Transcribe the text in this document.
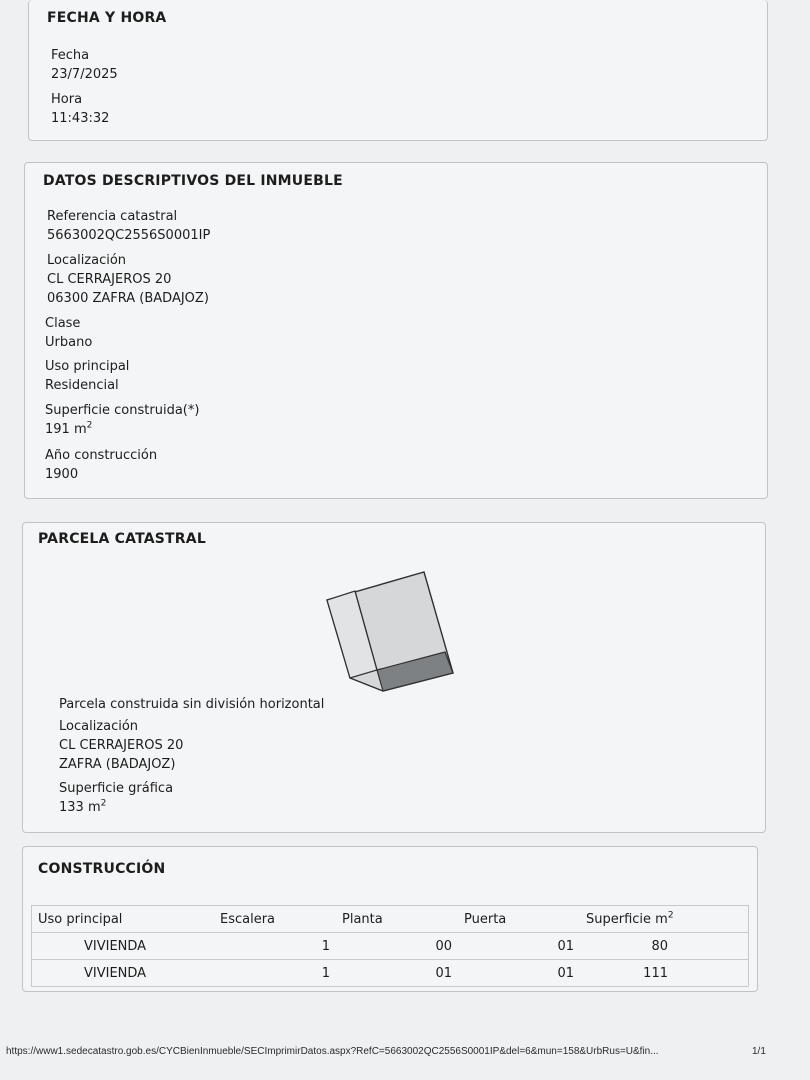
FECHA Y HORA
Fecha
23/7/2025
Hora
11:43:32
DATOS DESCRIPTIVOS DEL INMUEBLE
Referencia catastral
5663002QC2556S0001IP
Localización
CL CERRAJEROS 20
06300 ZAFRA (BADAJOZ)
Clase
Urbano
Uso principal
Residencial
Superficie construida(*)
191 $m^2$
Año construcción
1900
PARCELA CATASTRAL
Parcela construida sin división horizontal
Localización
CL CERRAJEROS 20
ZAFRA (BADAJOZ)
Superficie gráfica
133 $m^2$
CONSTRUCCIÓN
Uso principal	Escalera	Planta	Puerta	Superficie $m^2$
VIVIENDA	1	00	01	80
VIVIENDA	1	01	01	111
https://www1.sedecatastro.gob.es/CYCBienInmueble/SECImprimirDatos.aspx?RefC=5663002QC2556S0001IP&del=6&mun=158&UrbRus=U&fin...	1/1
